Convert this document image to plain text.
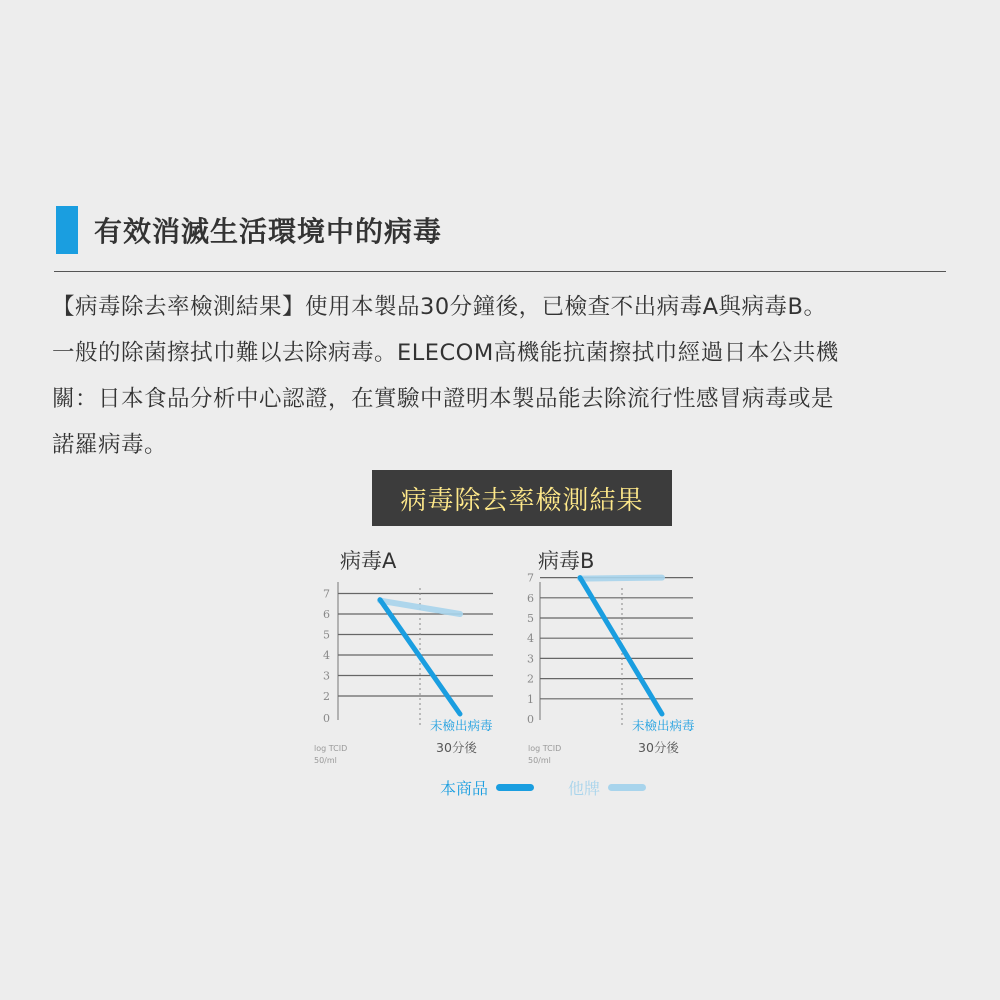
有效消滅生活環境中的病毒

【病毒除去率檢測結果】使用本製品30分鐘後，已檢查不出病毒A與病毒B。

一般的除菌擦拭巾難以去除病毒。ELECOM高機能抗菌擦拭巾經過日本公共機

關：日本食品分析中心認證，在實驗中證明本製品能去除流行性感冒病毒或是

諾羅病毒。

病毒除去率檢測結果
病毒A
0
2
3
4
5
6
7
未檢出病毒
30分後
log TCID
50/ml
病毒B
0
1
2
3
4
5
6
7
未檢出病毒
30分後
log TCID
50/ml
本商品	他牌
